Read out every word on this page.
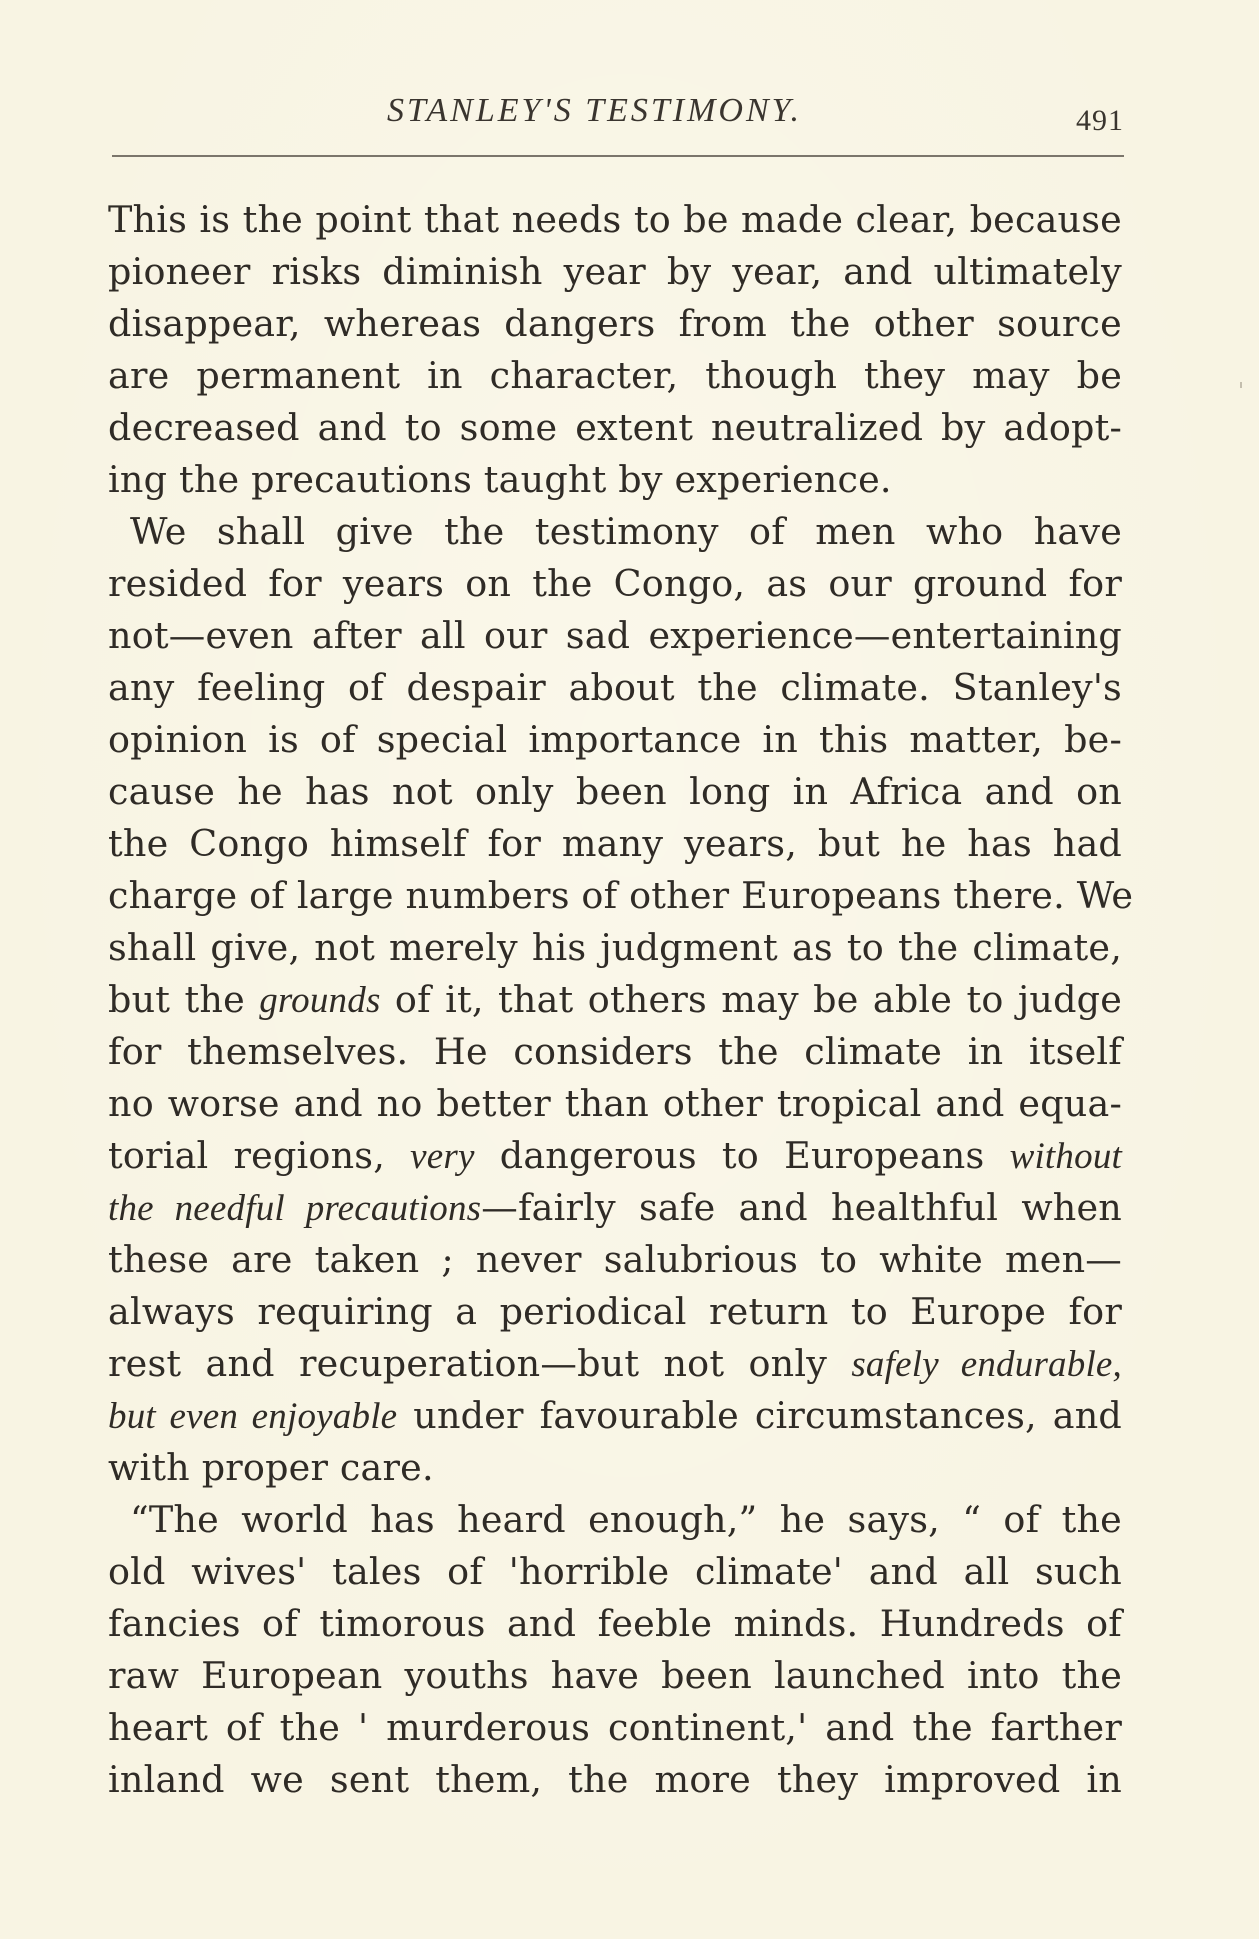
STANLEY'S TESTIMONY.	491
This is the point that needs to be made clear, because
pioneer risks diminish year by year, and ultimately
disappear, whereas dangers from the other source
are permanent in character, though they may be
decreased and to some extent neutralized by adopt-
ing the precautions taught by experience.
We shall give the testimony of men who have
resided for years on the Congo, as our ground for
not—even after all our sad experience—entertaining
any feeling of despair about the climate. Stanley's
opinion is of special importance in this matter, be-
cause he has not only been long in Africa and on
the Congo himself for many years, but he has had
charge of large numbers of other Europeans there. We
shall give, not merely his judgment as to the climate,
but the grounds of it, that others may be able to judge
for themselves. He considers the climate in itself
no worse and no better than other tropical and equa-
torial regions, very dangerous to Europeans without
the needful precautions—fairly safe and healthful when
these are taken ; never salubrious to white men—
always requiring a periodical return to Europe for
rest and recuperation—but not only safely endurable,
but even enjoyable under favourable circumstances, and
with proper care.
“The world has heard enough,” he says, “ of the
old wives' tales of 'horrible climate' and all such
fancies of timorous and feeble minds. Hundreds of
raw European youths have been launched into the
heart of the ' murderous continent,' and the farther
inland we sent them, the more they improved in
